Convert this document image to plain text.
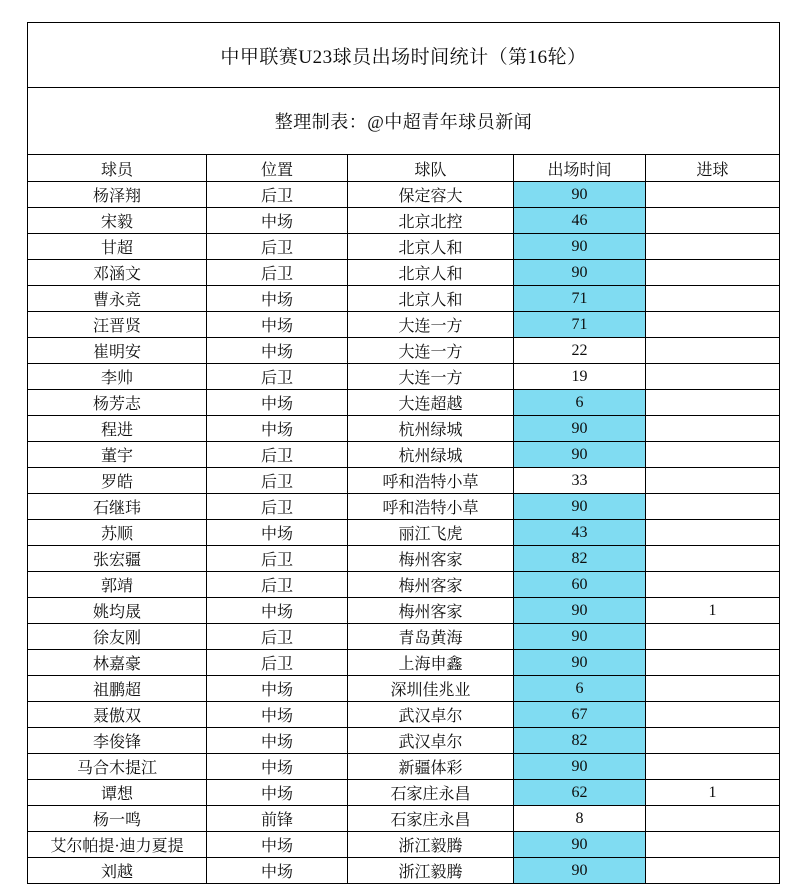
中甲联赛U23球员出场时间统计（第16轮）				
整理制表：@中超青年球员新闻				
球员	位置	球队	出场时间	进球
杨泽翔	后卫	保定容大	90	
宋毅	中场	北京北控	46	
甘超	后卫	北京人和	90	
邓涵文	后卫	北京人和	90	
曹永竞	中场	北京人和	71	
汪晋贤	中场	大连一方	71	
崔明安	中场	大连一方	22	
李帅	后卫	大连一方	19	
杨芳志	中场	大连超越	6	
程进	中场	杭州绿城	90	
董宇	后卫	杭州绿城	90	
罗皓	后卫	呼和浩特小草	33	
石继玮	后卫	呼和浩特小草	90	
苏顺	中场	丽江飞虎	43	
张宏疆	后卫	梅州客家	82	
郭靖	后卫	梅州客家	60	
姚均晟	中场	梅州客家	90	1
徐友刚	后卫	青岛黄海	90	
林嘉豪	后卫	上海申鑫	90	
祖鹏超	中场	深圳佳兆业	6	
聂傲双	中场	武汉卓尔	67	
李俊锋	中场	武汉卓尔	82	
马合木提江	中场	新疆体彩	90	
谭想	中场	石家庄永昌	62	1
杨一鸣	前锋	石家庄永昌	8	
艾尔帕提·迪力夏提	中场	浙江毅腾	90	
刘越	中场	浙江毅腾	90	
